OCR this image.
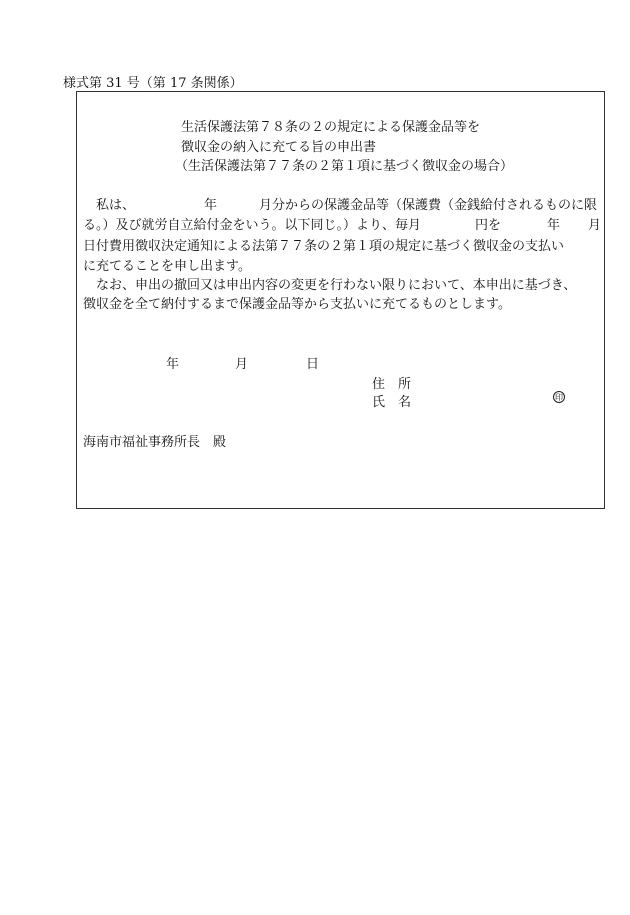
様式第 31 号（第 17 条関係）
生活保護法第７８条の２の規定による保護金品等を
徴収金の納入に充てる旨の申出書
（生活保護法第７７条の２第１項に基づく徴収金の場合）
私は、	年	月分からの保護金品等（保護費（金銭給付されるものに限
る。）及び就労自立給付金をいう。以下同じ。）より、毎月	円を	年 月
日付費用徴収決定通知による法第７７条の２第１項の規定に基づく徴収金の支払い
に充てることを申し出ます。
なお、申出の撤回又は申出内容の変更を行わない限りにおいて、本申出に基づき、
徴収金を全て納付するまで保護金品等から支払いに充てるものとします。
年	月	日
住　所
氏　名	印
海南市福祉事務所長　殿
